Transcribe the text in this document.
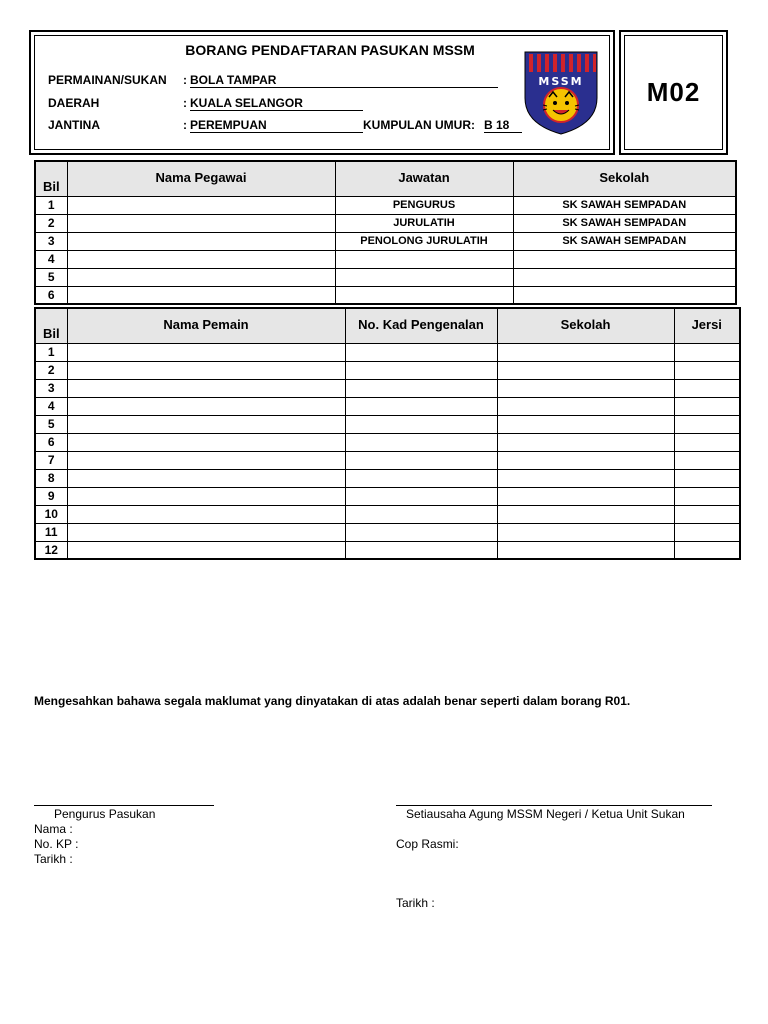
M02
BORANG PENDAFTARAN PASUKAN MSSM
PERMAINAN/SUKAN : BOLA TAMPAR
DAERAH	: KUALA SELANGOR
JANTINA	: PEREMPUAN	KUMPULAN UMUR: B 18
MSSM
Bil	Nama Pegawai	Jawatan	Sekolah
1		PENGURUS	SK SAWAH SEMPADAN
2		JURULATIH	SK SAWAH SEMPADAN
3		PENOLONG JURULATIH	SK SAWAH SEMPADAN
4			
5			
6			
Bil	Nama Pemain	No. Kad Pengenalan	Sekolah	Jersi
1				
2				
3				
4				
5				
6				
7				
8				
9				
10				
11				
12				
Mengesahkan bahawa segala maklumat yang dinyatakan di atas adalah benar seperti dalam borang R01.
Pengurus Pasukan
Nama :
No. KP :
Tarikh :
Setiausaha Agung MSSM Negeri / Ketua Unit Sukan
Cop Rasmi:
Tarikh :
